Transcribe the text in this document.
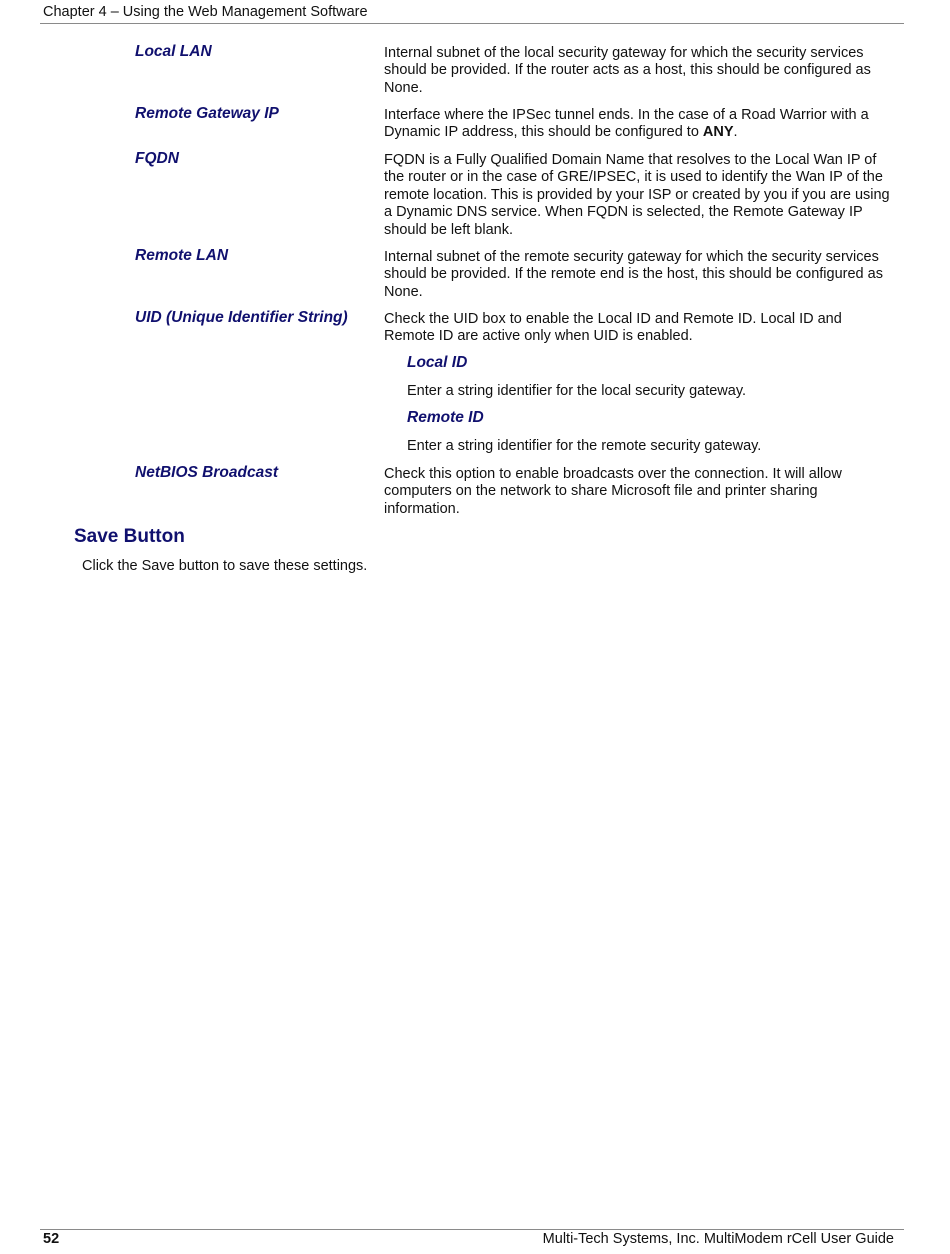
Chapter 4 – Using the Web Management Software
Local LAN	Internal subnet of the local security gateway for which the security services should be provided. If the router acts as a host, this should be configured as None.
Remote Gateway IP	Interface where the IPSec tunnel ends. In the case of a Road Warrior with a Dynamic IP address, this should be configured to ANY.
FQDN	FQDN is a Fully Qualified Domain Name that resolves to the Local Wan IP of the router or in the case of GRE/IPSEC, it is used to identify the Wan IP of the remote location. This is provided by your ISP or created by you if you are using a Dynamic DNS service. When FQDN is selected, the Remote Gateway IP should be left blank.
Remote LAN	Internal subnet of the remote security gateway for which the security services    should be provided. If the remote end is the host, this should be configured as None.
UID (Unique Identifier String)	Check the UID box to enable the Local ID and Remote ID. Local ID and Remote ID are active only when UID is enabled.
Local ID
Enter a string identifier for the local security gateway.
Remote ID
Enter a string identifier for the remote security gateway.
NetBIOS Broadcast	Check this option to enable broadcasts over the connection. It will allow computers on the network to share Microsoft file and printer sharing information.
Save Button
Click the Save button to save these settings.
52	Multi-Tech Systems, Inc. MultiModem rCell User Guide
